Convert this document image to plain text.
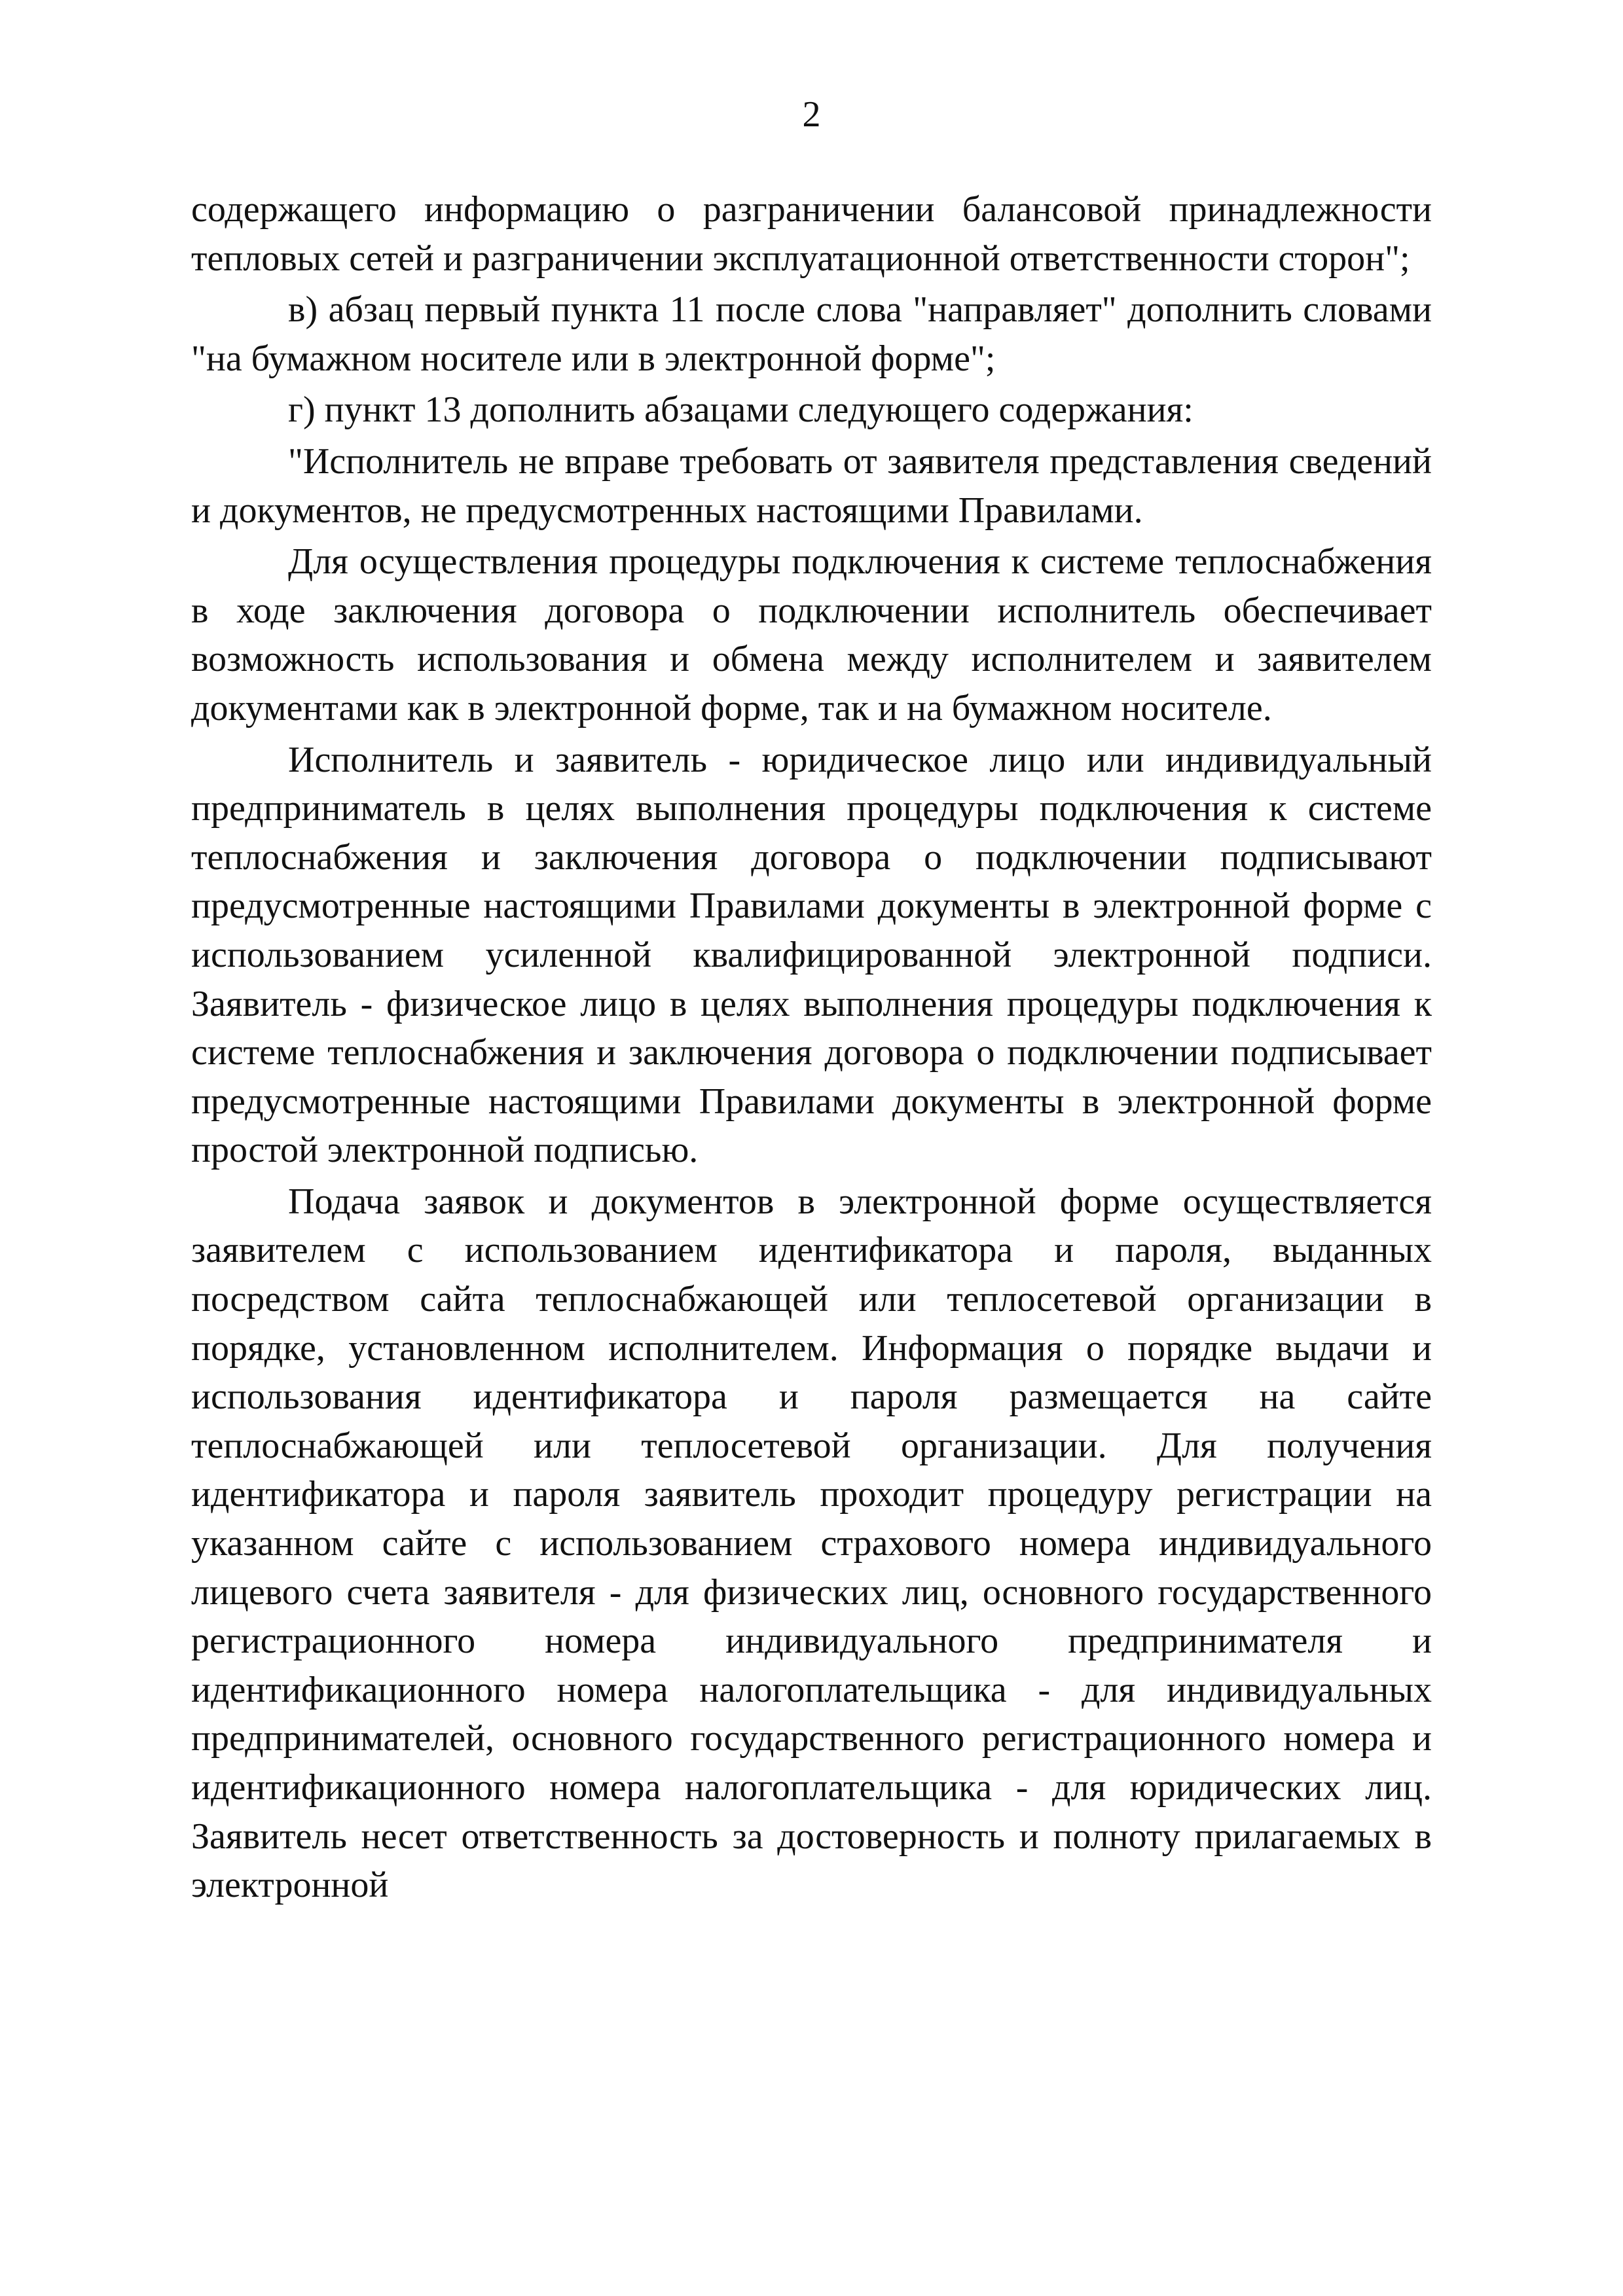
2

содержащего информацию о разграничении балансовой принадлежности тепловых сетей и разграничении эксплуатационной ответственности сторон";

в) абзац первый пункта 11 после слова "направляет" дополнить словами "на бумажном носителе или в электронной форме";

г) пункт 13 дополнить абзацами следующего содержания:

"Исполнитель не вправе требовать от заявителя представления сведений и документов, не предусмотренных настоящими Правилами.

Для осуществления процедуры подключения к системе теплоснабжения в ходе заключения договора о подключении исполнитель обеспечивает возможность использования и обмена между исполнителем и заявителем документами как в электронной форме, так и на бумажном носителе.

Исполнитель и заявитель - юридическое лицо или индивидуальный предприниматель в целях выполнения процедуры подключения к системе теплоснабжения и заключения договора о подключении подписывают предусмотренные настоящими Правилами документы в электронной форме с использованием усиленной квалифицированной электронной подписи. Заявитель - физическое лицо в целях выполнения процедуры подключения к системе теплоснабжения и заключения договора о подключении подписывает предусмотренные настоящими Правилами документы в электронной форме простой электронной подписью.

Подача заявок и документов в электронной форме осуществляется заявителем с использованием идентификатора и пароля, выданных посредством сайта теплоснабжающей или теплосетевой организации в порядке, установленном исполнителем. Информация о порядке выдачи и использования идентификатора и пароля размещается на сайте теплоснабжающей или теплосетевой организации. Для получения идентификатора и пароля заявитель проходит процедуру регистрации на указанном сайте с использованием страхового номера индивидуального лицевого счета заявителя - для физических лиц, основного государственного регистрационного номера индивидуального предпринимателя и идентификационного номера налогоплательщика - для индивидуальных предпринимателей, основного государственного регистрационного номера и идентификационного номера налогоплательщика - для юридических лиц. Заявитель несет ответственность за достоверность и полноту прилагаемых в электронной
